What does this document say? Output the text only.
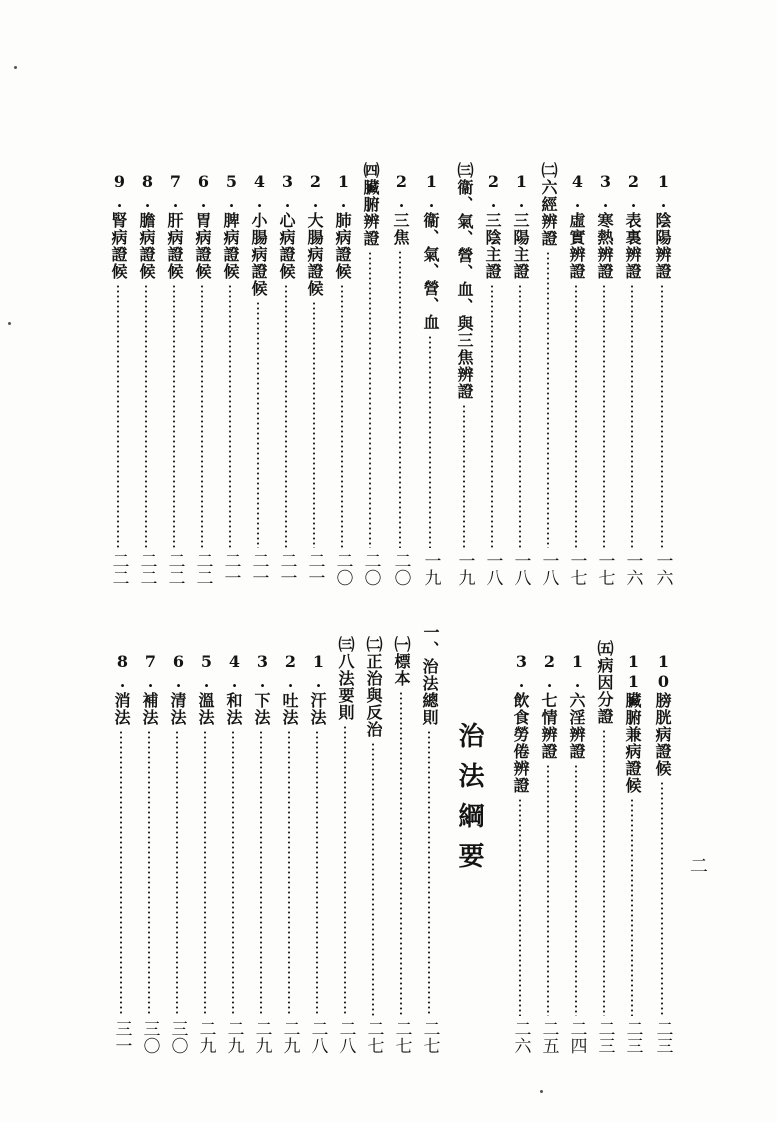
1.
陰陽辨證
一六
2.
表裏辨證
一六
3.
寒熱辨證
一七
4.
虛實辨證
一七
㈡六經辨證
一八
1.
三陽主證
一八
2.
三陰主證
一八
㈢衞、氣、營、血、與三焦辨證
一九
1.
衞、氣、營、血
一九
2.
三焦
二〇
㈣臟腑辨證
二〇
1.
肺病證候
二〇
2.
大腸病證候
二一
3.
心病證候
二一
4.
小腸病證候
二一
5.
脾病證候
二一
6.
胃病證候
二二
7.
肝病證候
二二
8.
膽病證候
二二
9.
腎病證候
二二
10
膀胱病證候
二三
11
臟腑兼病證候
二三
㈤病因分證
二三
1.
六淫辨證
二四
2.
七情辨證
二五
3.
飲食勞倦辨證
二六
治法綱要
一、
治法總則
二七
㈠標本
二七
㈡正治與反治
二七
㈢八法要則
二八
1.
汗法
二八
2.
吐法
二九
3.
下法
二九
4.
和法
二九
5.
溫法
二九
6.
清法
三〇
7.
補法
三〇
8.
消法
三一
二
